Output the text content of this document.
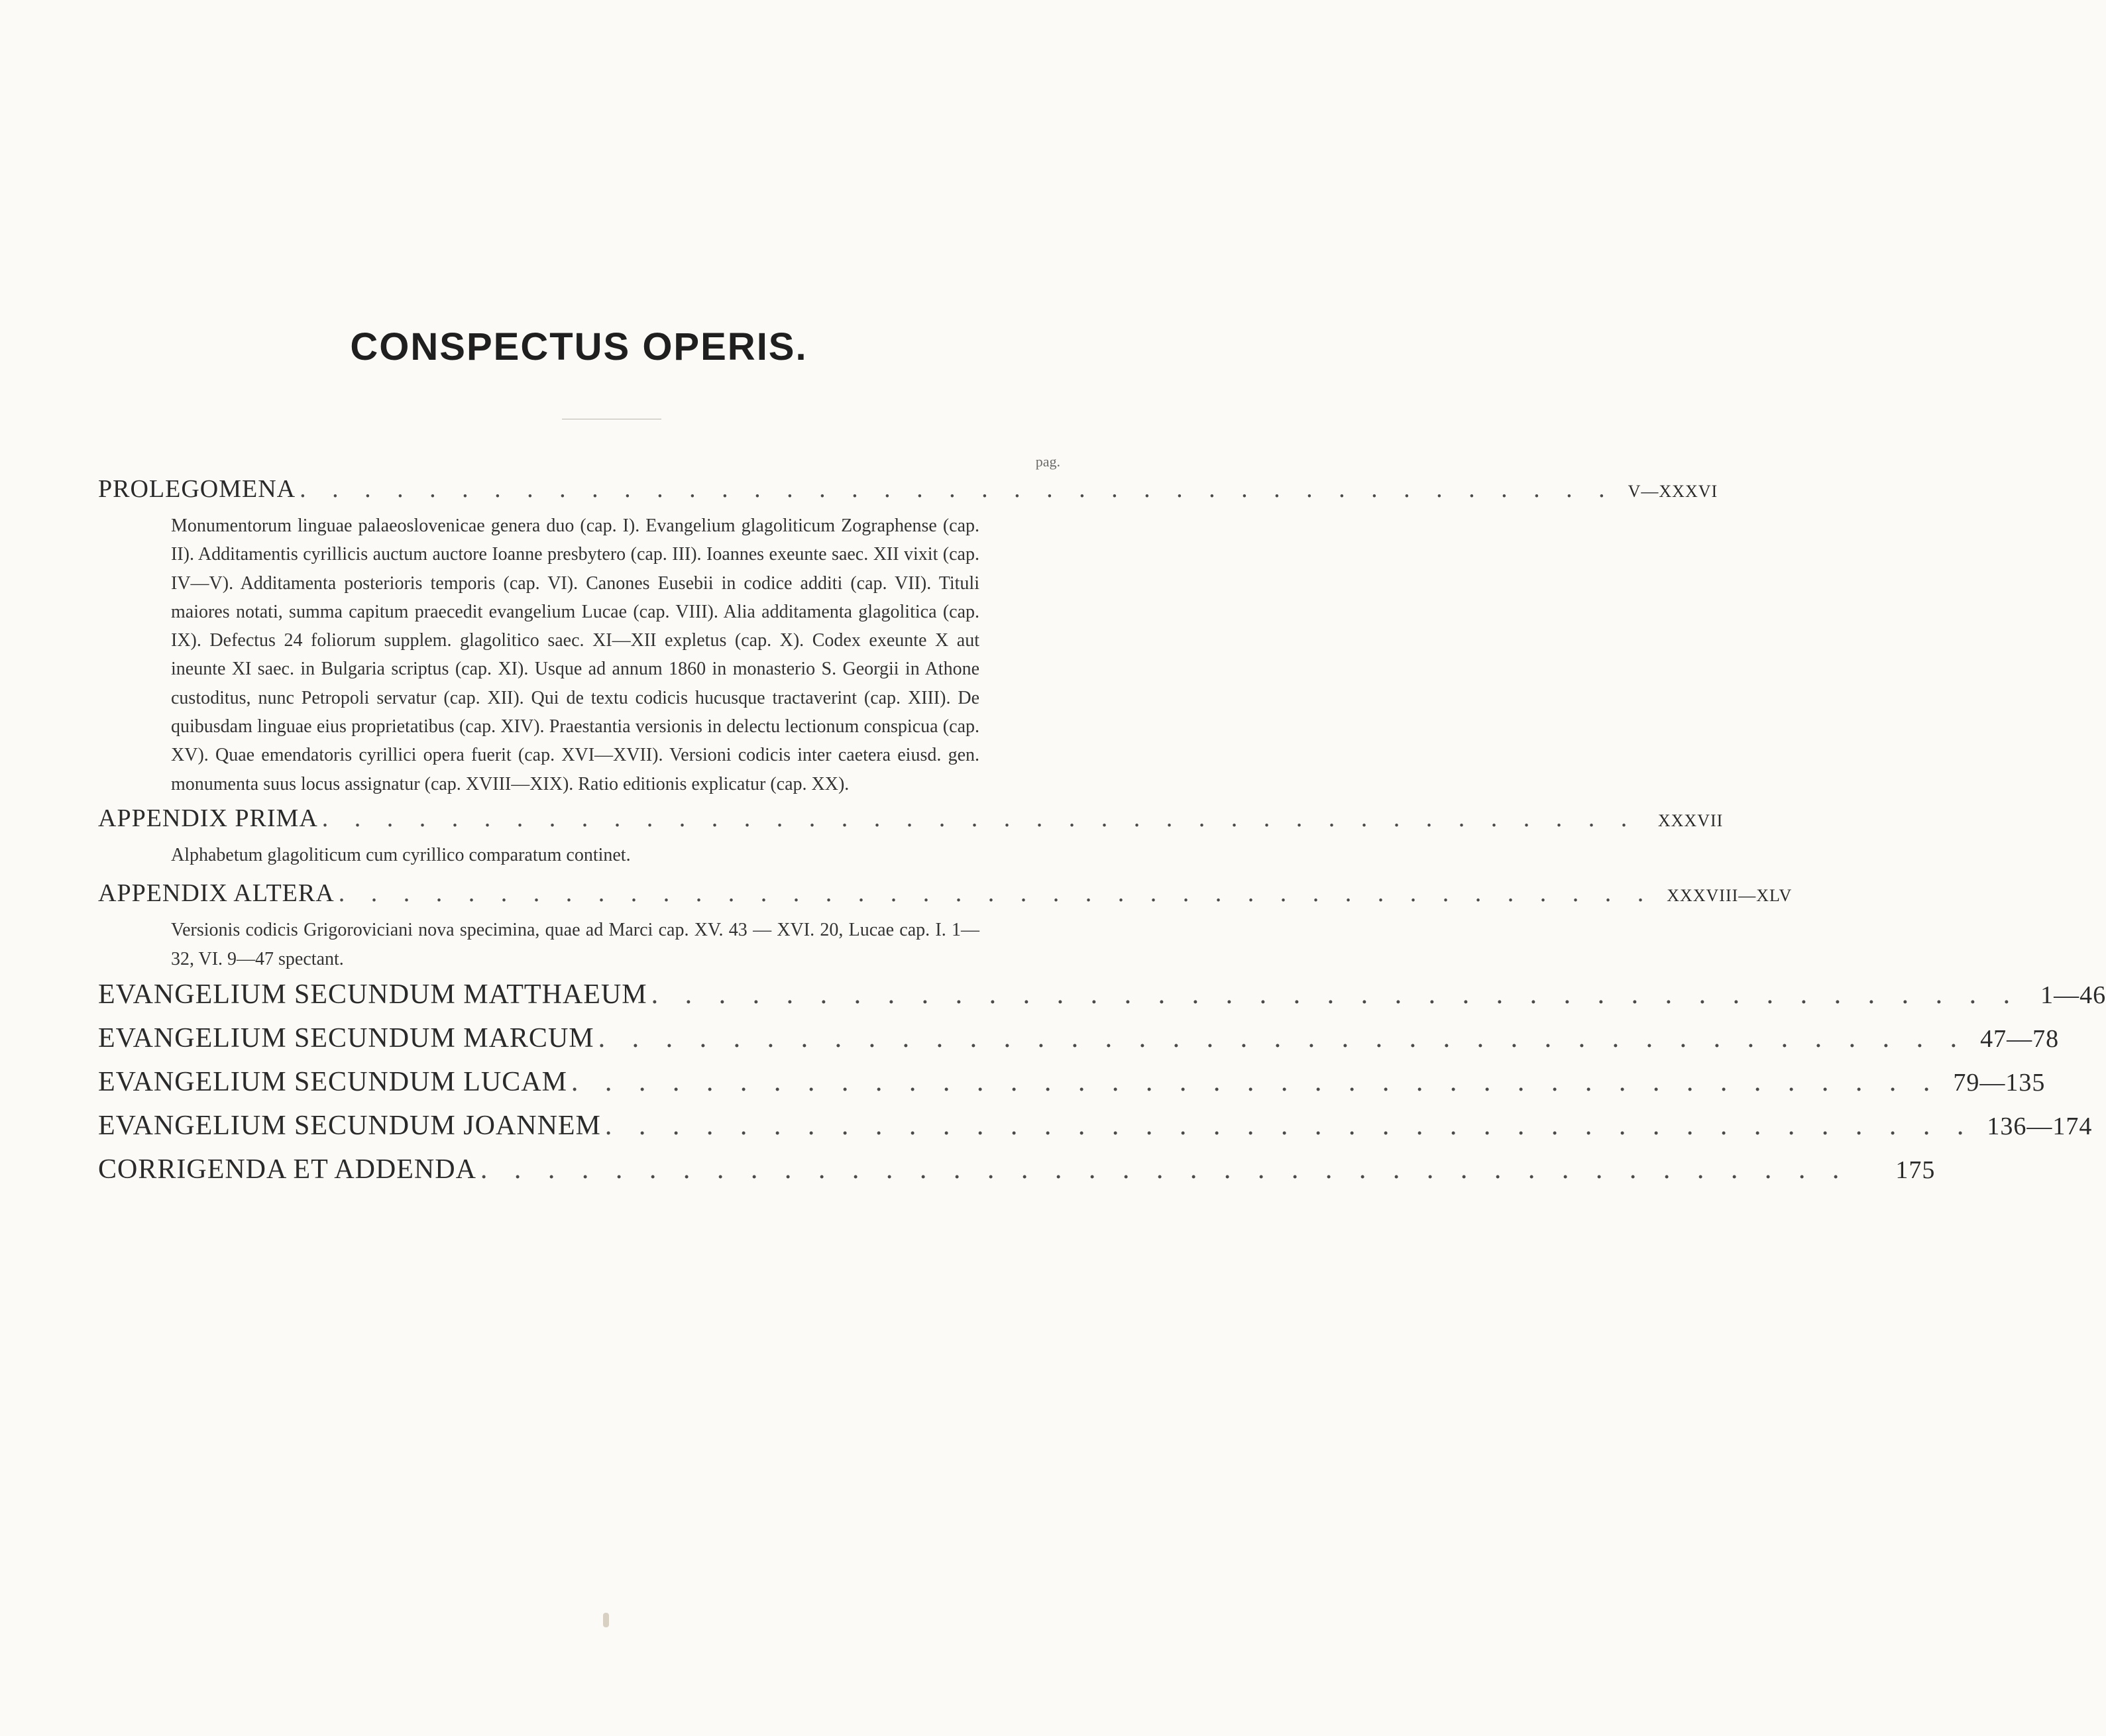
CONSPECTUS OPERIS.
pag.
PROLEGOMENA . . . . . . . . . . . . . . . . . . . . . . . . . . . . . . . . . . . . . . . . . V—XXXVI
Monumentorum linguae palaeoslovenicae genera duo (cap. I). Evangelium glagoliticum Zographense (cap. II). Additamentis cyrillicis auctum auctore Ioanne presbytero (cap. III). Ioannes exeunte saec. XII vixit (cap. IV—V). Additamenta posterioris temporis (cap. VI). Canones Eusebii in codice additi (cap. VII). Tituli maiores notati, summa capitum praecedit evangelium Lucae (cap. VIII). Alia additamenta glagolitica (cap. IX). Defectus 24 foliorum supplem. glagolitico saec. XI—XII expletus (cap. X). Codex exeunte X aut ineunte XI saec. in Bulgaria scriptus (cap. XI). Usque ad annum 1860 in monasterio S. Georgii in Athone custoditus, nunc Petropoli servatur (cap. XII). Qui de textu codicis hucusque tractaverint (cap. XIII). De quibusdam linguae eius proprietatibus (cap. XIV). Praestantia versionis in delectu lectionum conspicua (cap. XV). Quae emendatoris cyrillici opera fuerit (cap. XVI—XVII). Versioni codicis inter caetera eiusd. gen. monumenta suus locus assignatur (cap. XVIII—XIX). Ratio editionis explicatur (cap. XX).
APPENDIX PRIMA . . . . . . . . . . . . . . . . . . . . . . . . . . . . . . . . . . . . . . . . .	XXXVII
Alphabetum glagoliticum cum cyrillico comparatum continet.
APPENDIX ALTERA . . . . . . . . . . . . . . . . . . . . . . . . . . . . . . . . . . . . . . . . . XXXVIII—XLV
Versionis codicis Grigoroviciani nova specimina, quae ad Marci cap. XV. 43 — XVI. 20, Lucae cap. I. 1—32, VI. 9—47 spectant.
EVANGELIUM SECUNDUM MATTHAEUM . . . . . . . . . . . . . . . . . . . . . . . . . . . . . . . . . . . . . . . . . 1—46
EVANGELIUM SECUNDUM MARCUM . . . . . . . . . . . . . . . . . . . . . . . . . . . . . . . . . . . . . . . . . 47—78
EVANGELIUM SECUNDUM LUCAM . . . . . . . . . . . . . . . . . . . . . . . . . . . . . . . . . . . . . . . . . 79—135
EVANGELIUM SECUNDUM JOANNEM . . . . . . . . . . . . . . . . . . . . . . . . . . . . . . . . . . . . . . . . . 136—174
CORRIGENDA ET ADDENDA . . . . . . . . . . . . . . . . . . . . . . . . . . . . . . . . . . . . . . . . .	175
